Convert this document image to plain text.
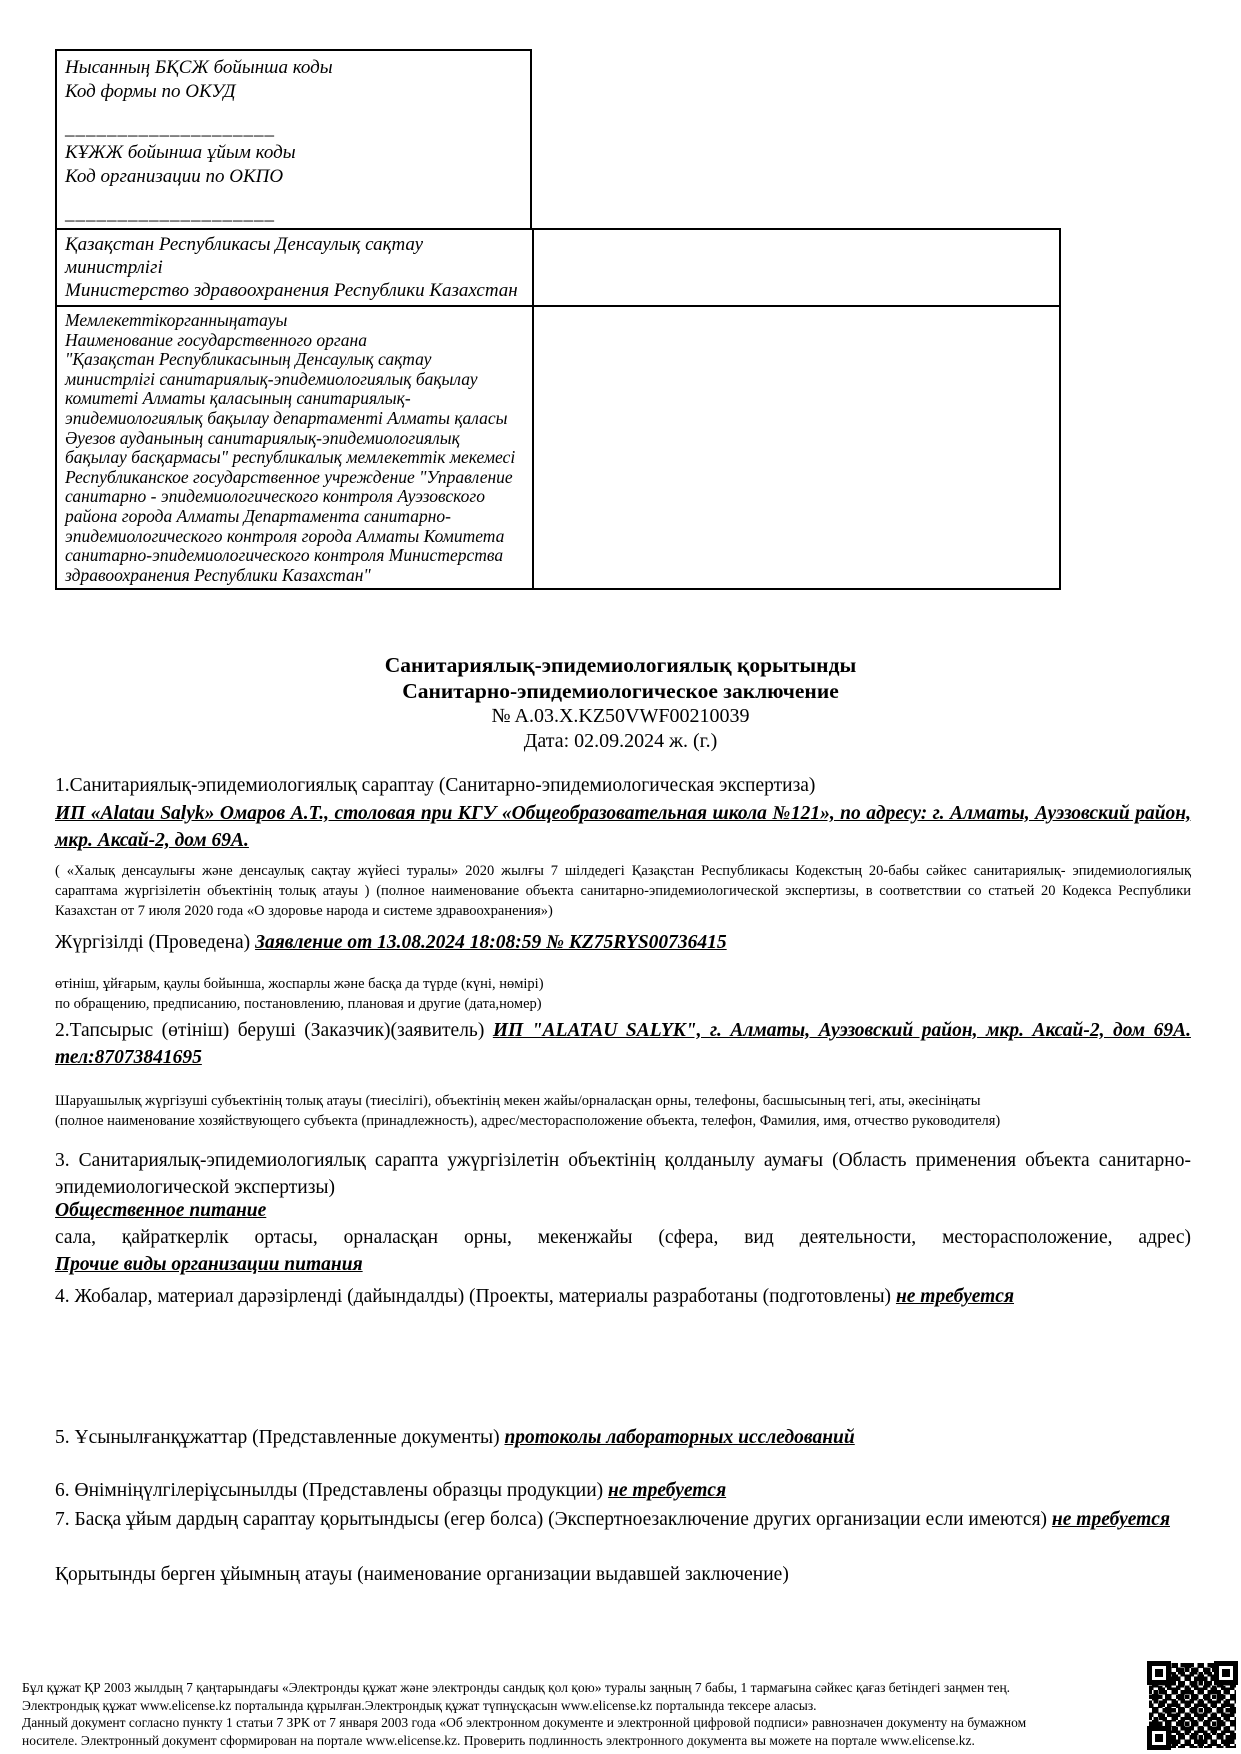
Нысанның БҚСЖ бойынша коды
Код формы по ОКУД
____________________
КҰЖЖ бойынша ұйым коды
Код организации по ОКПО
____________________
Қазақстан Республикасы Денсаулық сақтау министрлігі
Министерство здравоохранения Республики Казахстан
Мемлекеттікорганныңатауы
Наименование государственного органа
"Қазақстан Республикасының Денсаулық сақтау министрлігі санитариялық-эпидемиологиялық бақылау комитеті Алматы қаласының санитариялық-эпидемиологиялық бақылау департаменті Алматы қаласы Әуезов ауданының санитариялық-эпидемиологиялық бақылау басқармасы" республикалық мемлекеттік мекемесі Республиканское государственное учреждение "Управление санитарно - эпидемиологического контроля Ауэзовского района города Алматы Департамента санитарно-эпидемиологического контроля города Алматы Комитета санитарно-эпидемиологического контроля Министерства здравоохранения Республики Казахстан"
Санитариялық-эпидемиологиялық қорытынды
Санитарно-эпидемиологическое заключение
№ A.03.X.KZ50VWF00210039
Дата: 02.09.2024 ж. (г.)
1.Санитариялық-эпидемиологиялық сараптау (Санитарно-эпидемиологическая экспертиза)
ИП «Alatau Salyk» Омаров А.Т., столовая при КГУ «Общеобразовательная школа №121», по адресу: г. Алматы, Ауэзовский район, мкр. Аксай-2, дом 69А.
( «Халық денсаулығы және денсаулық сақтау жүйесі туралы» 2020 жылғы 7 шілдедегі Қазақстан Республикасы Кодекстың 20-бабы сәйкес санитариялық- эпидемиологиялық сараптама жүргізілетін объектінің толық атауы ) (полное наименование объекта санитарно-эпидемиологической экспертизы, в соответствии со статьей 20 Кодекса Республики Казахстан от 7 июля 2020 года «О здоровье народа и системе здравоохранения»)
Жүргізілді (Проведена) Заявление от 13.08.2024 18:08:59 № KZ75RYS00736415
өтініш, ұйғарым, қаулы бойынша, жоспарлы және басқа да түрде (күні, нөмірі)
по обращению, предписанию, постановлению, плановая и другие (дата,номер)
2.Тапсырыс (өтініш) беруші (Заказчик)(заявитель) ИП "ALATAU SALYK", г. Алматы, Ауэзовский район, мкр. Аксай-2, дом 69А. тел:87073841695
Шаруашылық жүргізуші субъектінің толық атауы (тиесілігі), объектінің мекен жайы/орналасқан орны, телефоны, басшысының тегі, аты, әкесініңаты
(полное наименование хозяйствующего субъекта (принадлежность), адрес/месторасположение объекта, телефон, Фамилия, имя, отчество руководителя)
3. Санитариялық-эпидемиологиялық сарапта ужүргізілетін объектінің қолданылу аумағы (Область применения объекта санитарно-эпидемиологической экспертизы)
Общественное питание
сала, қайраткерлік ортасы, орналасқан орны, мекенжайы (сфера, вид деятельности, месторасположение, адрес)
Прочие виды организации питания
4. Жобалар, материал дарәзірленді (дайындалды) (Проекты, материалы разработаны (подготовлены) не требуется
5. Ұсынылғанқұжаттар (Представленные документы) протоколы лабораторных исследований
6. Өнімніңүлгілеріұсынылды (Представлены образцы продукции) не требуется
7. Басқа ұйым дардың сараптау қорытындысы (егер болса) (Экспертноезаключение других организации если имеются) не требуется
Қорытынды берген ұйымның атауы (наименование организации выдавшей заключение)
Бұл құжат ҚР 2003 жылдың 7 қаңтарындағы «Электронды құжат және электронды сандық қол қою» туралы заңның 7 бабы, 1 тармағына сәйкес қағаз бетіндегі заңмен тең.
Электрондық құжат www.elicense.kz порталында құрылған.Электрондық құжат түпнұсқасын www.elicense.kz порталында тексере аласыз.
Данный документ согласно пункту 1 статьи 7 ЗРК от 7 января 2003 года «Об электронном документе и электронной цифровой подписи» равнозначен документу на бумажном
носителе. Электронный документ сформирован на портале www.elicense.kz. Проверить подлинность электронного документа вы можете на портале www.elicense.kz.
